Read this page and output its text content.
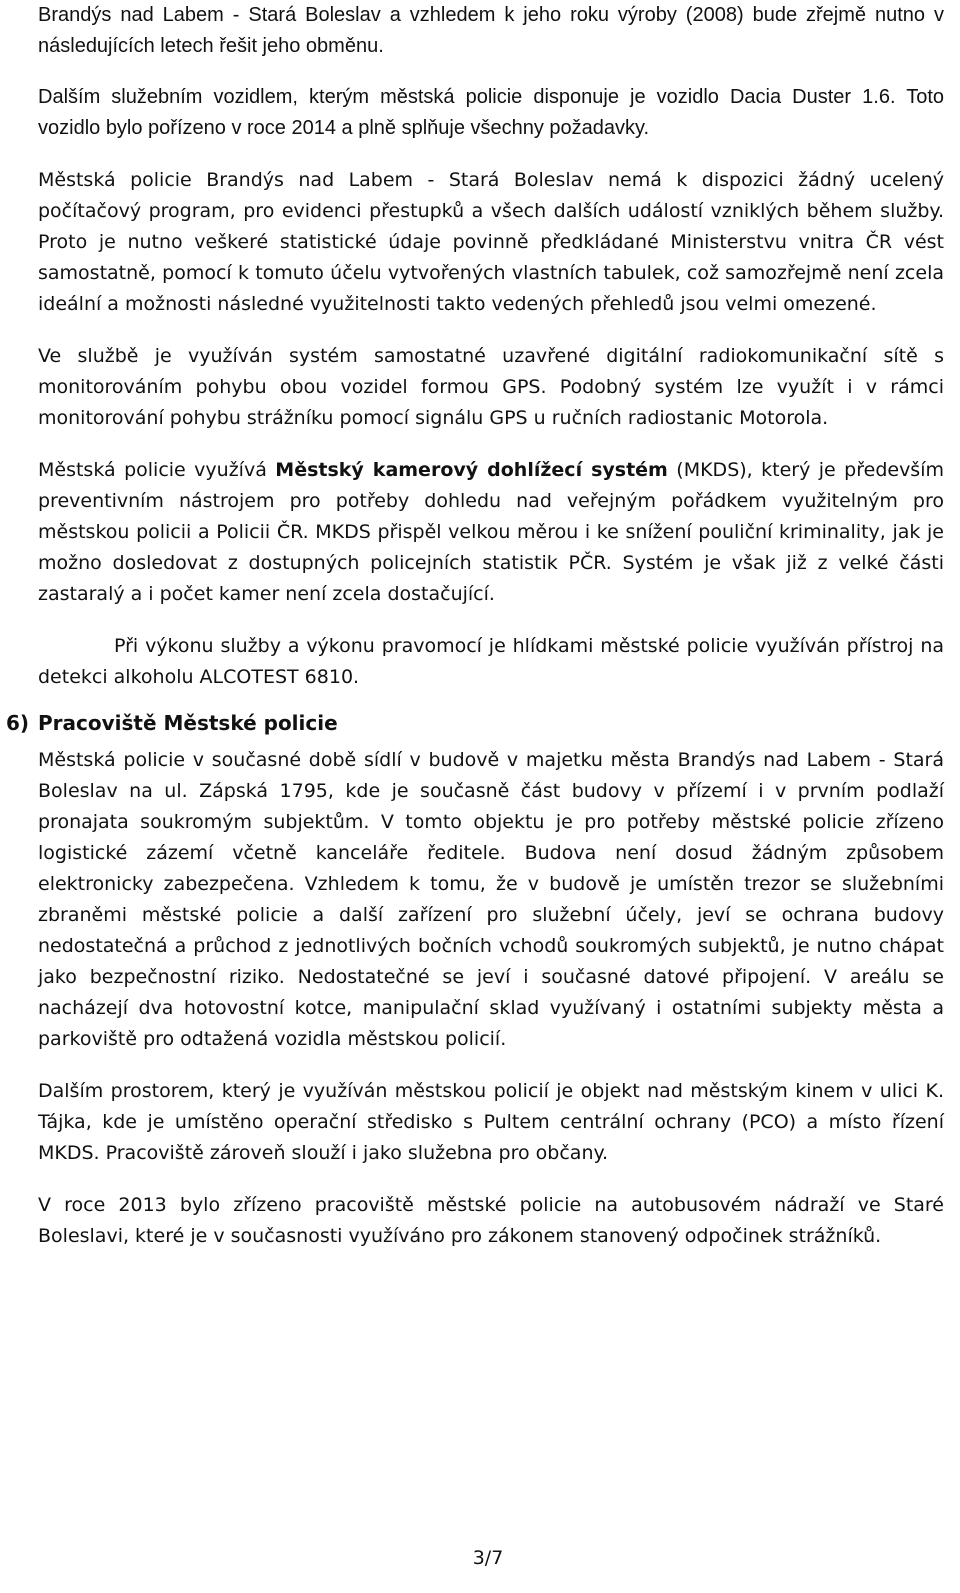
Brandýs nad Labem - Stará Boleslav a vzhledem k jeho roku výroby (2008) bude zřejmě nutno v následujících letech řešit jeho obměnu.

Dalším služebním vozidlem, kterým městská policie disponuje je vozidlo Dacia Duster 1.6. Toto vozidlo bylo pořízeno v roce 2014 a plně splňuje všechny požadavky.

Městská policie Brandýs nad Labem - Stará Boleslav nemá k dispozici žádný ucelený počítačový program, pro evidenci přestupků a všech dalších událostí vzniklých během služby. Proto je nutno veškeré statistické údaje povinně předkládané Ministerstvu vnitra ČR vést samostatně, pomocí k tomuto účelu vytvořených vlastních tabulek, což samozřejmě není zcela ideální a možnosti následné využitelnosti takto vedených přehledů jsou velmi omezené.

Ve službě je využíván systém samostatné uzavřené digitální radiokomunikační sítě s monitorováním pohybu obou vozidel formou GPS. Podobný systém lze využít i v rámci monitorování pohybu strážníku pomocí signálu GPS u ručních radiostanic Motorola.

Městská policie využívá Městský kamerový dohlížecí systém (MKDS), který je především preventivním nástrojem pro potřeby dohledu nad veřejným pořádkem využitelným pro městskou policii a Policii ČR. MKDS přispěl velkou měrou i ke snížení pouliční kriminality, jak je možno dosledovat z dostupných policejních statistik PČR. Systém je však již z velké části zastaralý a i počet kamer není zcela dostačující.

Při výkonu služby a výkonu pravomocí je hlídkami městské policie využíván přístroj na detekci alkoholu ALCOTEST 6810.

6) Pracoviště Městské policie

Městská policie v současné době sídlí v budově v majetku města Brandýs nad Labem - Stará Boleslav na ul. Zápská 1795, kde je současně část budovy v přízemí i v prvním podlaží pronajata soukromým subjektům. V tomto objektu je pro potřeby městské policie zřízeno logistické zázemí včetně kanceláře ředitele. Budova není dosud žádným způsobem elektronicky zabezpečena. Vzhledem k tomu, že v budově je umístěn trezor se služebními zbraněmi městské policie a další zařízení pro služební účely, jeví se ochrana budovy nedostatečná a průchod z jednotlivých bočních vchodů soukromých subjektů, je nutno chápat jako bezpečnostní riziko. Nedostatečné se jeví i současné datové připojení. V areálu se nacházejí dva hotovostní kotce, manipulační sklad využívaný i ostatními subjekty města a parkoviště pro odtažená vozidla městskou policií.

Dalším prostorem, který je využíván městskou policií je objekt nad městským kinem v ulici K. Tájka, kde je umístěno operační středisko s Pultem centrální ochrany (PCO) a místo řízení MKDS. Pracoviště zároveň slouží i jako služebna pro občany.

V roce 2013 bylo zřízeno pracoviště městské policie na autobusovém nádraží ve Staré Boleslavi, které je v současnosti využíváno pro zákonem stanovený odpočinek strážníků.

3/7
